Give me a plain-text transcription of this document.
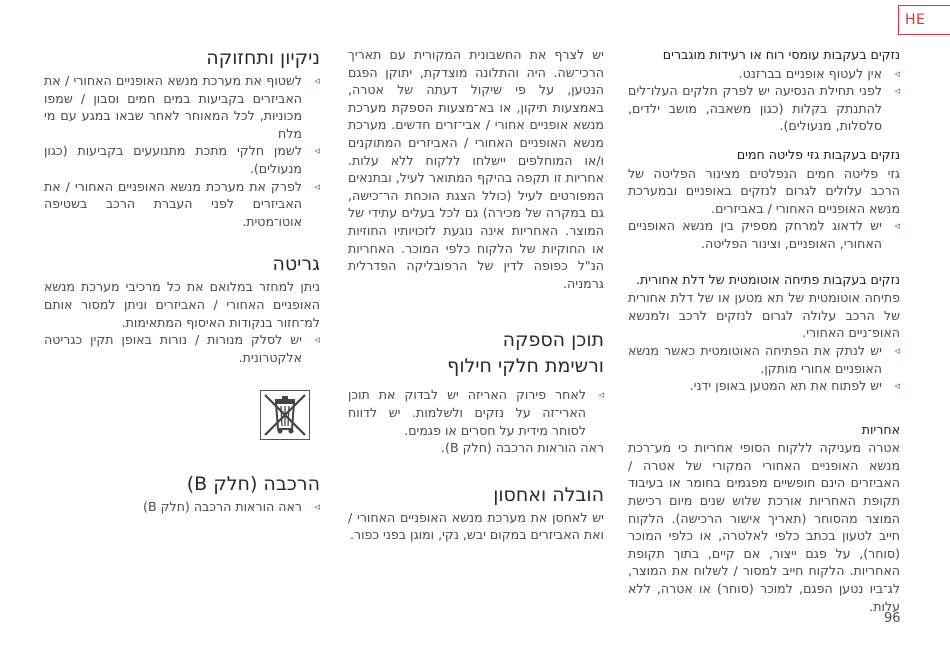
HE
נזקים בעקבות עומסי רוח או רעידות מוגברים

◃ אין לעטוף אופניים בברזנט.

◃ לפני תחילת הנסיעה יש לפרק חלקים העלו־לים להתנתק בקלות (כגון משאבה, מושב ילדים, סלסלות, מנעולים).

נזקים בעקבות גזי פליטה חמים

גזי פליטה חמים הנפלטים מצינור הפליטה של הרכב עלולים לגרום לנזקים באופניים ובמערכת מנשא האופניים האחורי / באביזרים.

◃ יש לדאוג למרחק מספיק בין מנשא האופניים האחורי, האופניים, וצינור הפליטה.

נזקים בעקבות פתיחה אוטומטית של דלת אחורית.

פתיחה אוטומטית של תא מטען או של דלת אחורית של הרכב עלולה לגרום לנזקים לרכב ולמנשא האופ־ניים האחורי.

◃ יש לנתק את הפתיחה האוטומטית כאשר מנשא האופניים אחורי מותקן.

◃ יש לפתוח את תא המטען באופן ידני.

אחריות

אטרה מעניקה ללקוח הסופי אחריות כי מע־רכת מנשא האופניים האחורי המקורי של אטרה / האביזרים הינם חופשיים מפגמים בחומר או בעיבוד תקופת האחריות אורכת שלוש שנים מיום רכישת המוצר מהסוחר (תאריך אישור הרכישה). הלקוח חייב לטעון בכתב כלפי לאלטרה, או כלפי המוכר (סוחר), על פגם ייצור, אם קיים, בתוך תקופת האחריות. הלקוח חייב למסור / לשלוח את המוצר, לג־ביו נטען הפגם, למוכר (סוחר) או אטרה, ללא עלות.

יש לצרף את החשבונית המקורית עם תאריך הרכי־שה. היה והתלונה מוצדקת, יתוקן הפגם הנטען, על פי שיקול דעתה של אטרה, באמצעות תיקון, או בא־מצעות הספקת מערכת מנשא אופניים אחורי / אבי־זרים חדשים. מערכת מנשא האופניים האחורי / האביזרים המתוקנים ו/או המוחלפים יישלחו ללקוח ללא עלות. אחריות זו תקפה בהיקף המתואר לעיל, ובתנאים המפורטים לעיל (כולל הצגת הוכחת הר־כישה, גם במקרה של מכירה) גם לכל בעלים עתידי של המוצר. האחריות אינה נוגעת לזכויותיו החוזיות או החוקיות של הלקוח כלפי המוכר. האחריות הנ"ל כפופה לדין של הרפובליקה הפדרלית גרמניה.

תוכן הספקה
ורשימת חלקי חילוף

◃ לאחר פירוק האריזה יש לבדוק את תוכן הארי־זה על נזקים ולשלמות. יש לדווח לסוחר מידית על חסרים או פגמים.

ראה הוראות הרכבה (חלק B).

הובלה ואחסון

יש לאחסן את מערכת מנשא האופניים האחורי / ואת האביזרים במקום יבש, נקי, ומוגן בפני כפור.

ניקיון ותחזוקה

◃ לשטוף את מערכת מנשא האופניים האחורי / את האביזרים בקביעות במים חמים וסבון / שמפו מכוניות, לכל המאוחר לאחר שבאו במגע עם מי מלח

◃ לשמן חלקי מתכת מתנועעים בקביעות (כגון מנעולים).

◃ לפרק את מערכת מנשא האופניים האחורי / את האביזרים לפני העברת הרכב בשטיפה אוטו־מטית.

גריטה

ניתן למחזר במלואם את כל מרכיבי מערכת מנשא האופניים האחורי / האביזרים וניתן למסור אותם למ־חזור בנקודות האיסוף המתאימות.

◃ יש לסלק מנורות / נורות באופן תקין כגריטה אלקטרונית.

הרכבה (חלק B)

◃ ראה הוראות הרכבה (חלק B)

96
